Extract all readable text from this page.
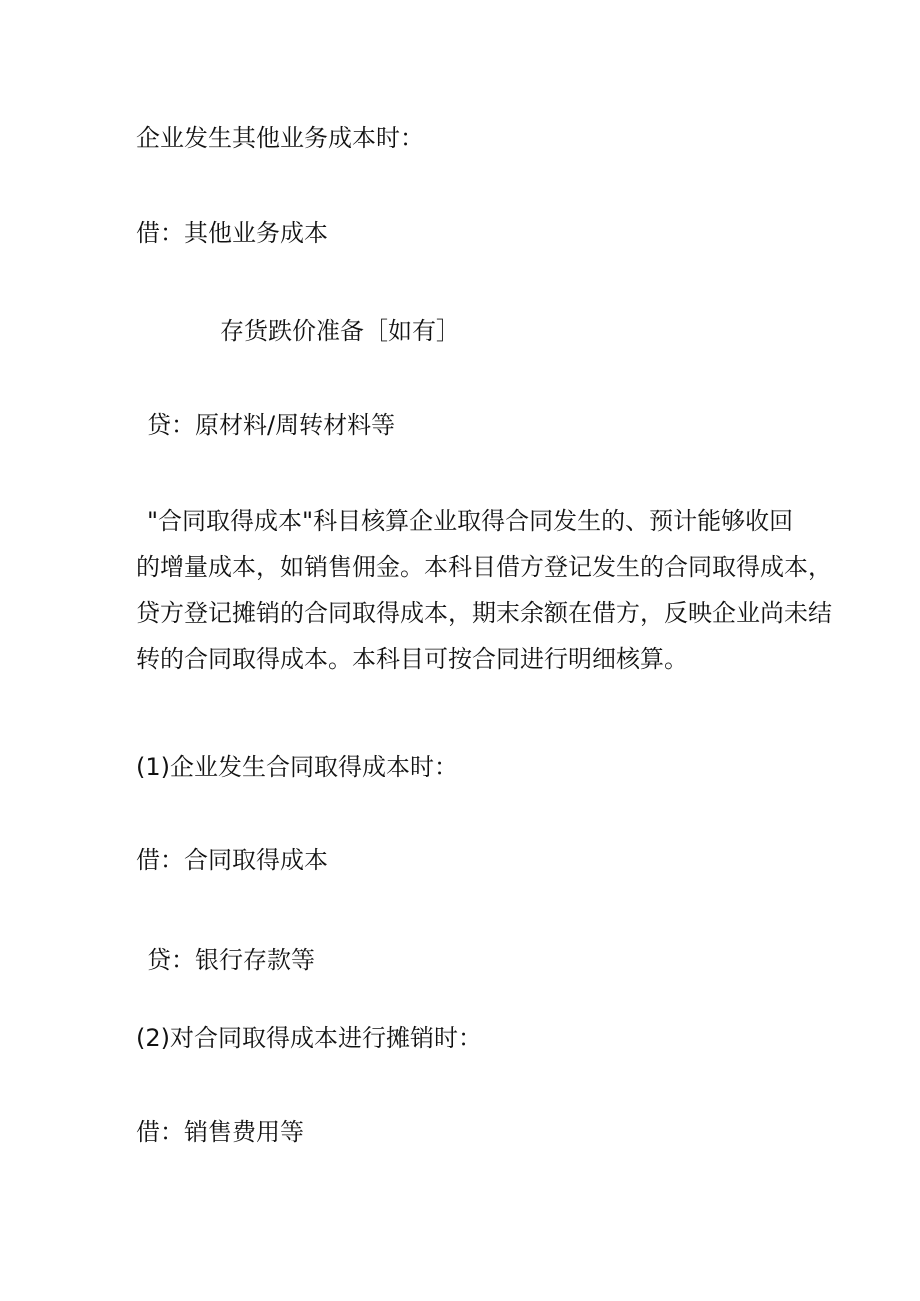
企业发生其他业务成本时：

借：其他业务成本

存货跌价准备［如有］

贷：原材料/周转材料等

"合同取得成本"科目核算企业取得合同发生的、预计能够收回
的增量成本，如销售佣金。本科目借方登记发生的合同取得成本，
贷方登记摊销的合同取得成本，期末余额在借方，反映企业尚未结
转的合同取得成本。本科目可按合同进行明细核算。

(1)企业发生合同取得成本时：

借：合同取得成本

贷：银行存款等

(2)对合同取得成本进行摊销时：

借：销售费用等
